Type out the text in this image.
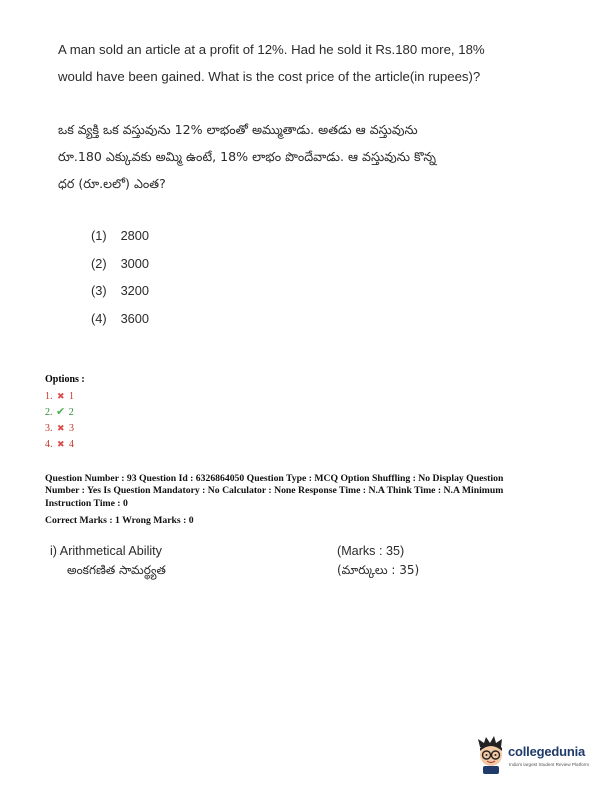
A man sold an article at a profit of 12%. Had he sold it Rs.180 more, 18%
would have been gained. What is the cost price of the article(in rupees)?

ఒక వ్యక్తి ఒక వస్తువును 12% లాభంతో అమ్ముతాడు. అతడు ఆ వస్తువును

రూ.180 ఎక్కువకు అమ్మి ఉంటే, 18% లాభం పొందేవాడు. ఆ వస్తువును కొన్న

ధర (రూ.లలో) ఎంత?

(1) 2800
(2) 3000
(3) 3200
(4) 3600
Options :
1. ✖ 1
2. ✔ 2
3. ✖ 3
4. ✖ 4

Question Number : 93 Question Id : 6326864050 Question Type : MCQ Option Shuffling : No Display Question

Number : Yes Is Question Mandatory : No Calculator : None Response Time : N.A Think Time : N.A Minimum

Instruction Time : 0

Correct Marks : 1 Wrong Marks : 0

i) Arithmetical Ability	(Marks : 35)
అంకగణిత సామర్థ్యత	(మార్కులు : 35)
collegedunia
India's largest Student Review Platform
